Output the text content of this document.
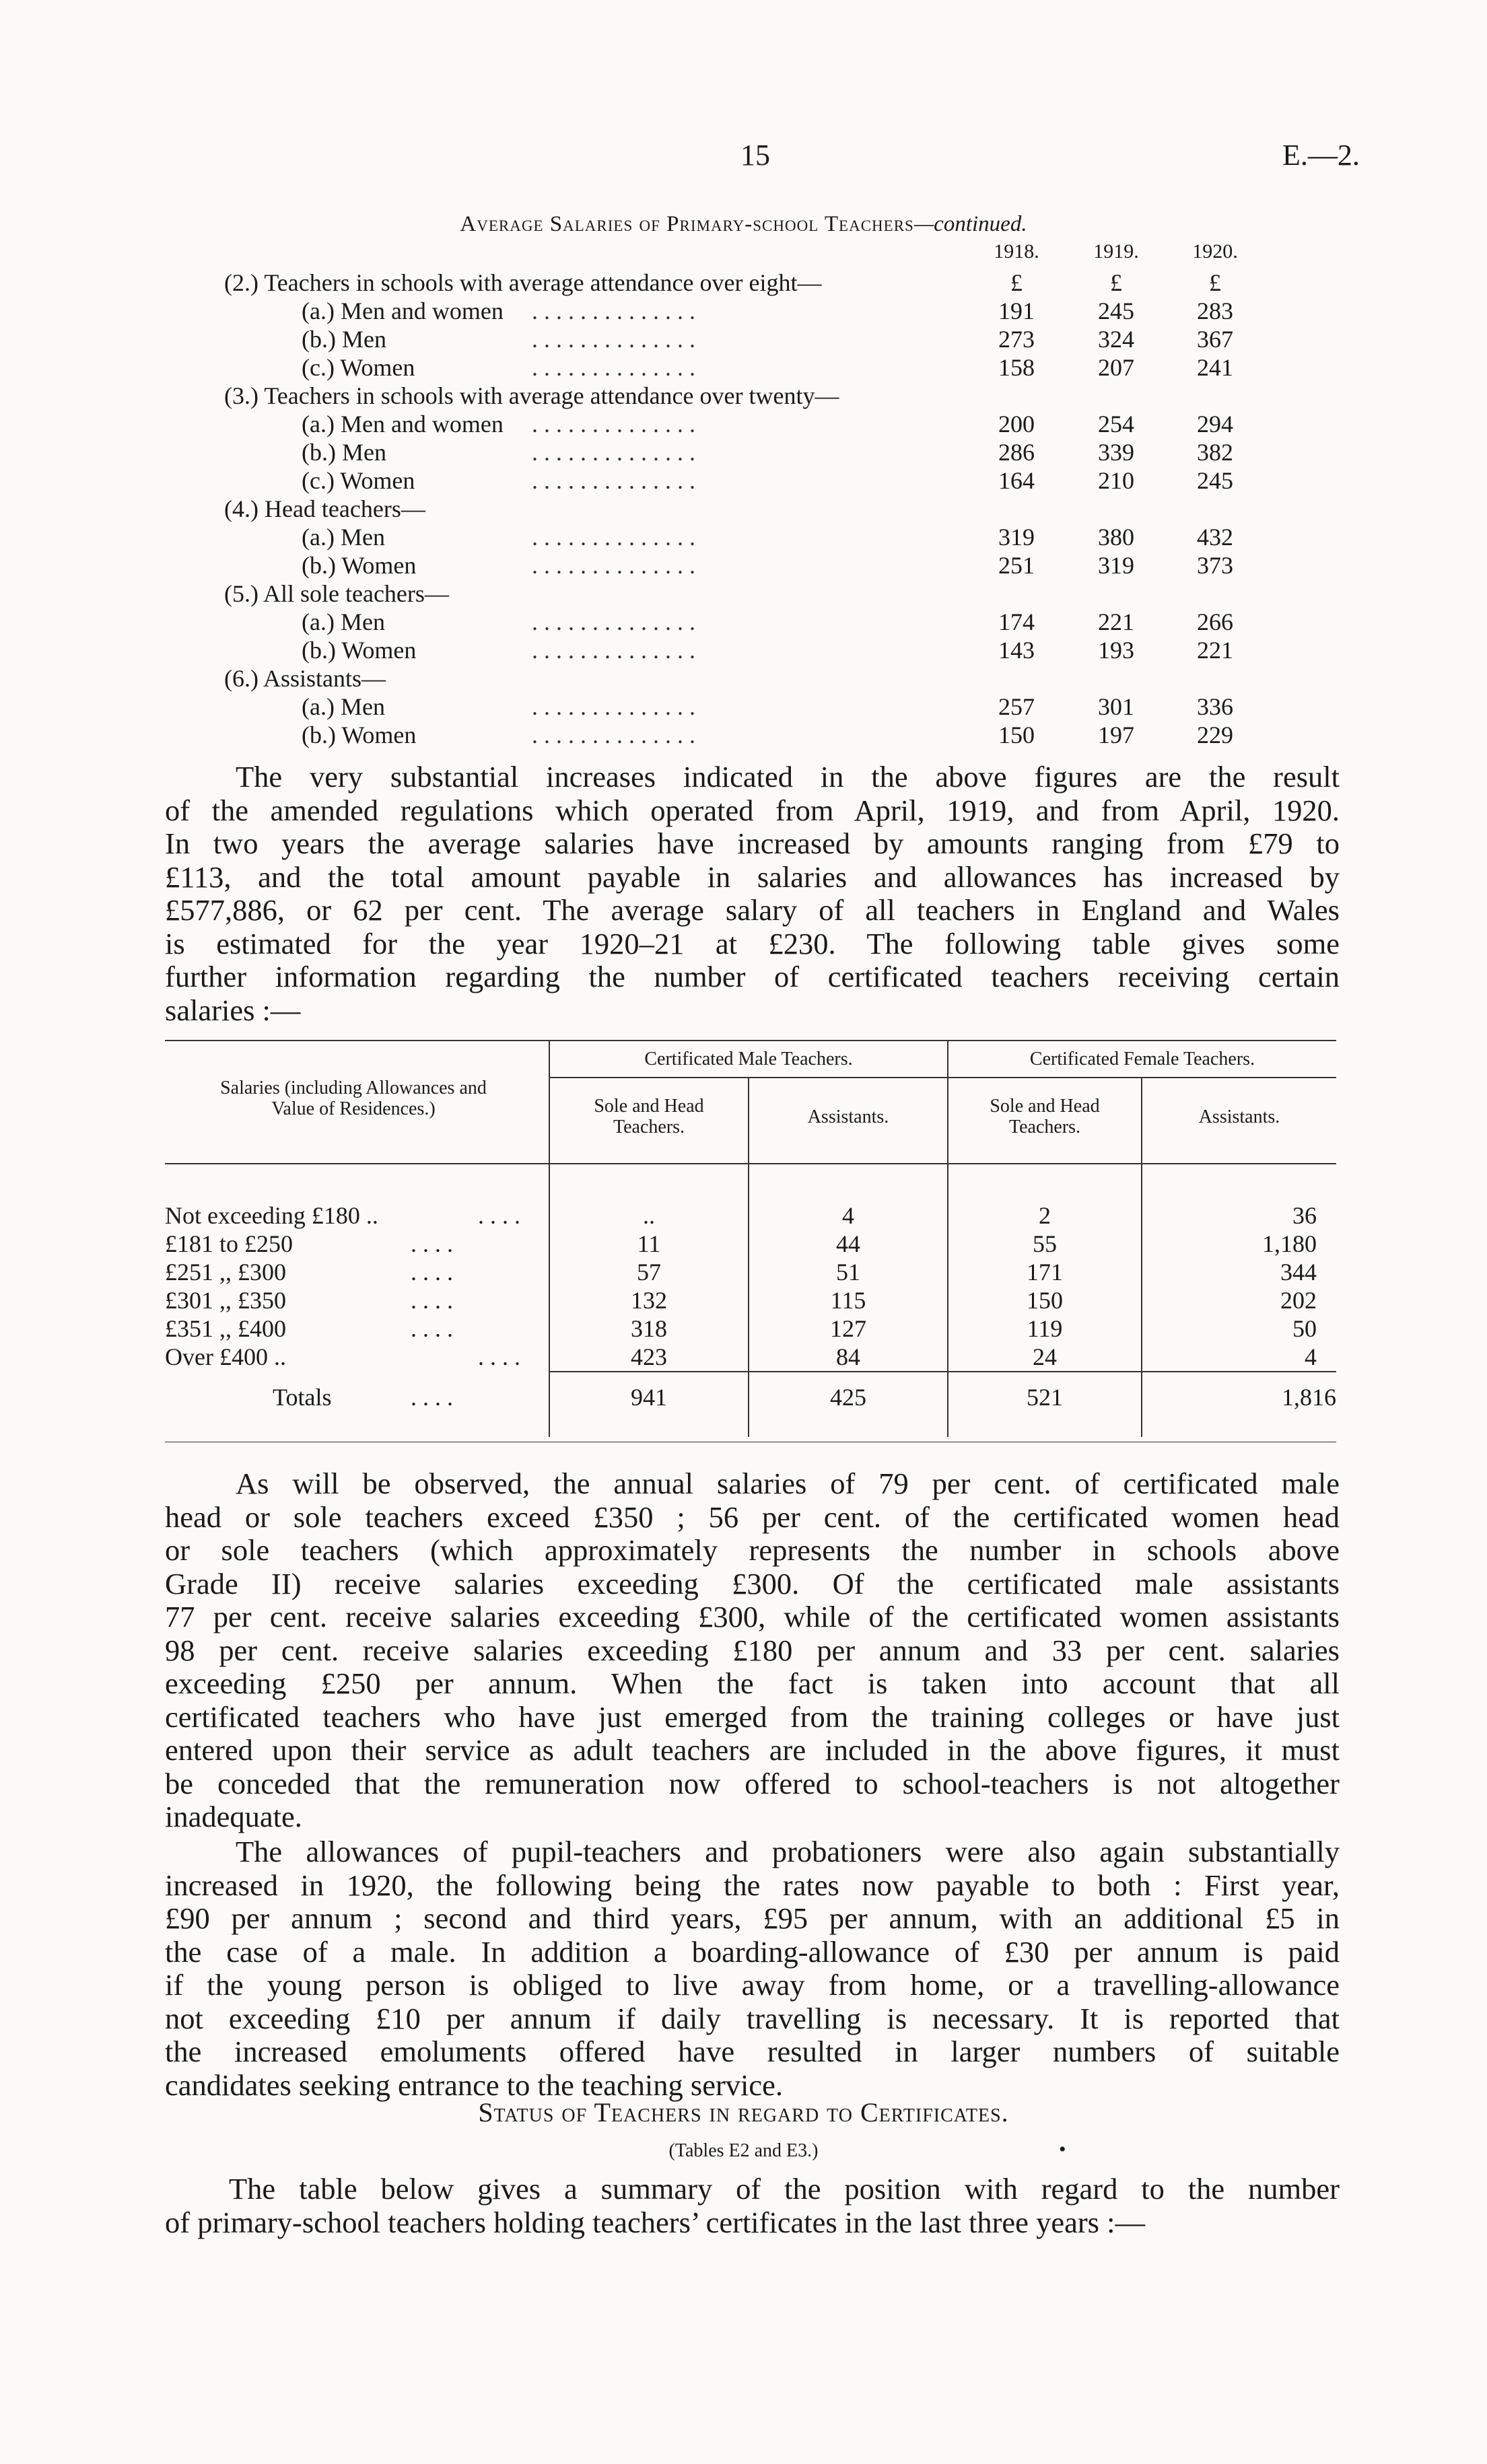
15	E.—2.
Average Salaries of Primary-school Teachers—continued.
1918.	1919.	1920.
£	£	£
(2.) Teachers in schools with average attendance over eight—
(a.) Men and women . . . . . . . . . . . . . .	191	245	283
(b.) Men	. . . . . . . . . . . . . .	273	324	367
(c.) Women	. . . . . . . . . . . . . .	158	207	241
(3.) Teachers in schools with average attendance over twenty—
(a.) Men and women . . . . . . . . . . . . . .	200	254	294
(b.) Men	. . . . . . . . . . . . . .	286	339	382
(c.) Women	. . . . . . . . . . . . . .	164	210	245
(4.) Head teachers—
(a.) Men	. . . . . . . . . . . . . .	319	380	432
(b.) Women	. . . . . . . . . . . . . .	251	319	373
(5.) All sole teachers—
(a.) Men	. . . . . . . . . . . . . .	174	221	266
(b.) Women	. . . . . . . . . . . . . .	143	193	221
(6.) Assistants—
(a.) Men	. . . . . . . . . . . . . .	257	301	336
(b.) Women	. . . . . . . . . . . . . .	150	197	229
The very substantial increases indicated in the above figures are the result
of the amended regulations which operated from April, 1919, and from April, 1920.
In two years the average salaries have increased by amounts ranging from £79 to
£113, and the total amount payable in salaries and allowances has increased by
£577,886, or 62 per cent. The average salary of all teachers in England and Wales
is estimated for the year 1920–21 at £230. The following table gives some
further information regarding the number of certificated teachers receiving certain
salaries :—
Salaries (including Allowances and
Value of Residences.)
Certificated Male Teachers.	Certificated Female Teachers.
Sole and Head
Teachers.	Assistants.
Sole and Head
Teachers.	Assistants.
Not exceeding £180 ..	. . . .	..	4	2	36
£181 to £250	. . . .	11	44	55	1,180
£251 ,, £300	. . . .	57	51	171	344
£301 ,, £350	. . . .	132	115	150	202
£351 ,, £400	. . . .	318	127	119	50
Over £400 ..	. . . .	423	84	24	4
Totals	. . . .	941	425	521	1,816
As will be observed, the annual salaries of 79 per cent. of certificated male
head or sole teachers exceed £350 ; 56 per cent. of the certificated women head
or sole teachers (which approximately represents the number in schools above
Grade II) receive salaries exceeding £300. Of the certificated male assistants
77 per cent. receive salaries exceeding £300, while of the certificated women assistants
98 per cent. receive salaries exceeding £180 per annum and 33 per cent. salaries
exceeding £250 per annum. When the fact is taken into account that all
certificated teachers who have just emerged from the training colleges or have just
entered upon their service as adult teachers are included in the above figures, it must
be conceded that the remuneration now offered to school-teachers is not altogether
inadequate.
The allowances of pupil-teachers and probationers were also again substantially
increased in 1920, the following being the rates now payable to both : First year,
£90 per annum ; second and third years, £95 per annum, with an additional £5 in
the case of a male. In addition a boarding-allowance of £30 per annum is paid
if the young person is obliged to live away from home, or a travelling-allowance
not exceeding £10 per annum if daily travelling is necessary. It is reported that
the increased emoluments offered have resulted in larger numbers of suitable
candidates seeking entrance to the teaching service.
Status of Teachers in regard to Certificates.
(Tables E2 and E3.)	•
The table below gives a summary of the position with regard to the number
of primary-school teachers holding teachers’ certificates in the last three years :—
